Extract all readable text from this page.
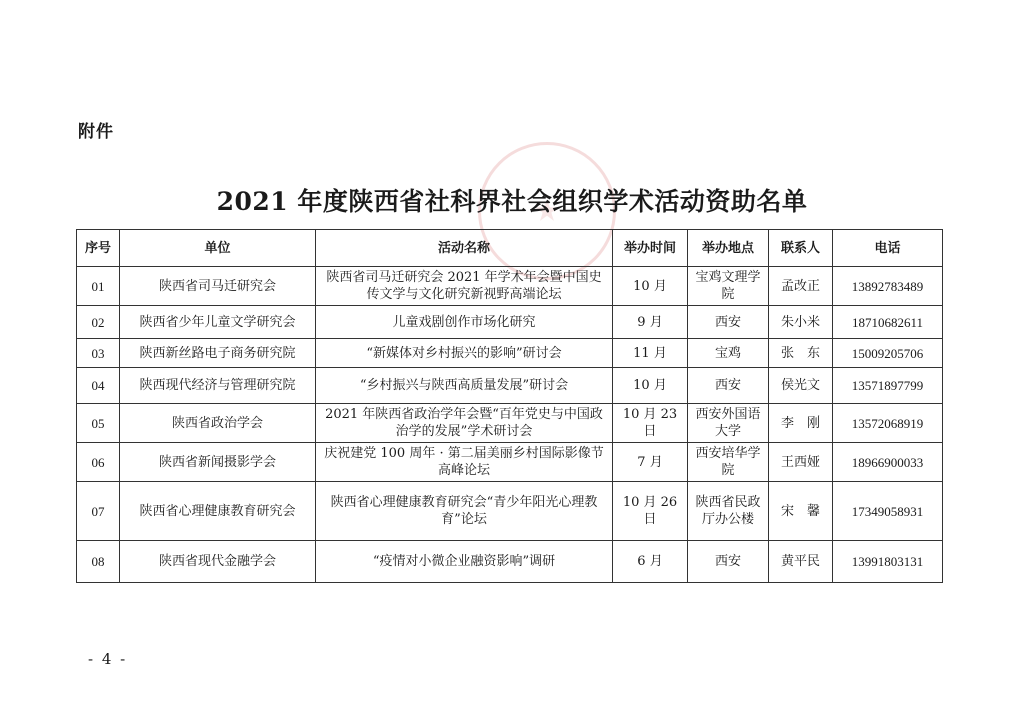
附件
2021 年度陕西省社科界社会组织学术活动资助名单
序号	单位	活动名称	举办时间	举办地点	联系人	电话
01	陕西省司马迁研究会	陕西省司马迁研究会 2021 年学术年会暨中国史传文学与文化研究新视野高端论坛	10 月	宝鸡文理学院	孟改正	13892783489
02	陕西省少年儿童文学研究会	儿童戏剧创作市场化研究	9 月	西安	朱小米	18710682611
03	陕西新丝路电子商务研究院	“新媒体对乡村振兴的影响”研讨会	11 月	宝鸡	张　东	15009205706
04	陕西现代经济与管理研究院	“乡村振兴与陕西高质量发展”研讨会	10 月	西安	侯光文	13571897799
05	陕西省政治学会	2021 年陕西省政治学年会暨“百年党史与中国政治学的发展”学术研讨会	10 月 23 日	西安外国语大学	李　刚	13572068919
06	陕西省新闻摄影学会	庆祝建党 100 周年 · 第二届美丽乡村国际影像节高峰论坛	7 月	西安培华学院	王西娅	18966900033
07	陕西省心理健康教育研究会	陕西省心理健康教育研究会“青少年阳光心理教育”论坛	10 月 26 日	陕西省民政厅办公楼	宋　馨	17349058931
08	陕西省现代金融学会	“疫情对小微企业融资影响”调研	6 月	西安	黄平民	13991803131
- 4 -
